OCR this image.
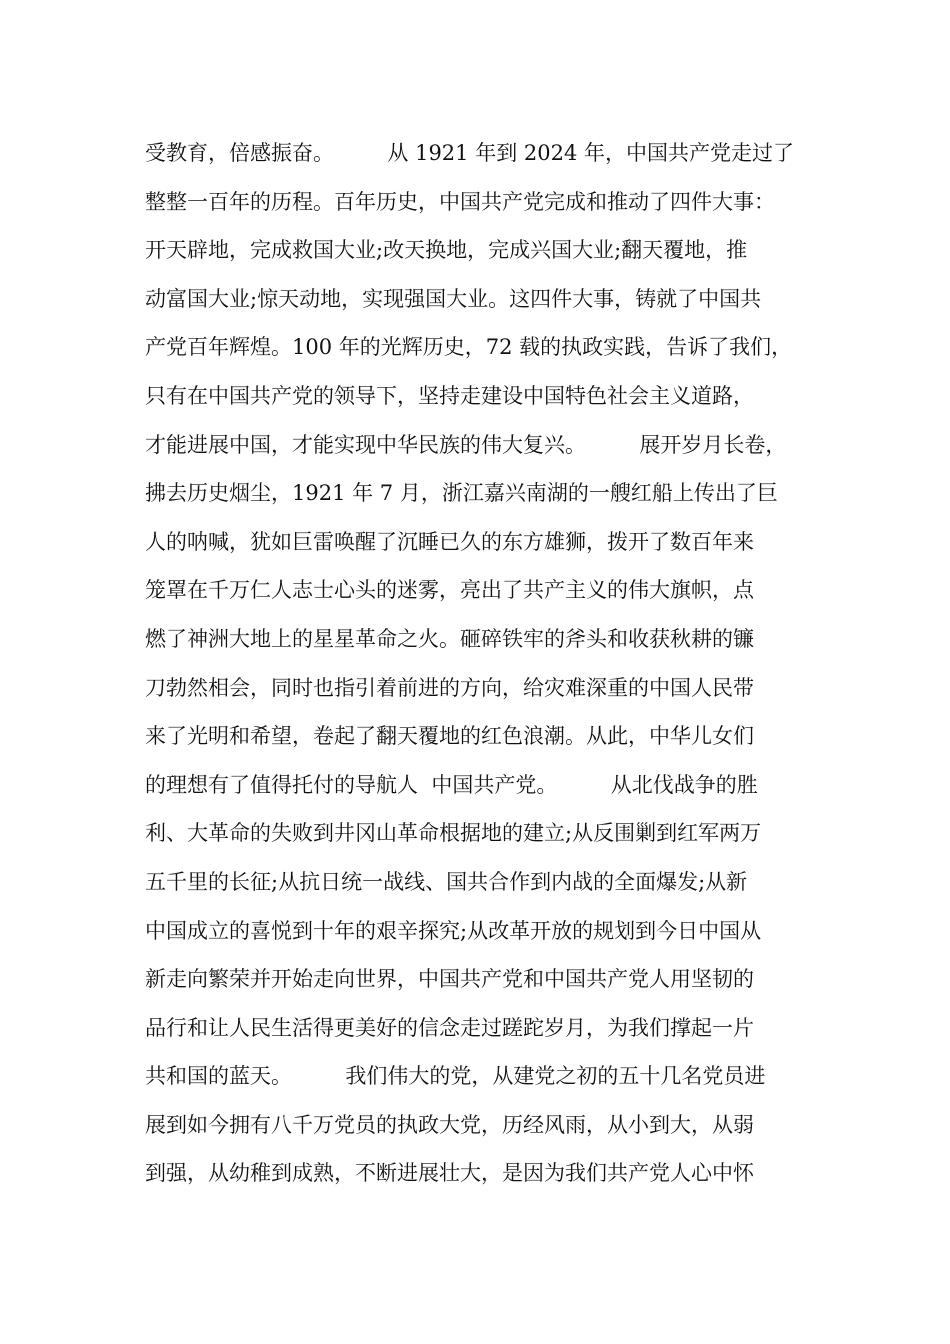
受教育，倍感振奋。        从 1921 年到 2024 年，中国共产党走过了
整整一百年的历程。百年历史，中国共产党完成和推动了四件大事：
开天辟地，完成救国大业;改天换地，完成兴国大业;翻天覆地，推
动富国大业;惊天动地，实现强国大业。这四件大事，铸就了中国共
产党百年辉煌。100 年的光辉历史，72 载的执政实践，告诉了我们，
只有在中国共产党的领导下，坚持走建设中国特色社会主义道路，
才能进展中国，才能实现中华民族的伟大复兴。        展开岁月长卷，
拂去历史烟尘，1921 年 7 月，浙江嘉兴南湖的一艘红船上传出了巨
人的呐喊，犹如巨雷唤醒了沉睡已久的东方雄狮，拨开了数百年来
笼罩在千万仁人志士心头的迷雾，亮出了共产主义的伟大旗帜，点
燃了神洲大地上的星星革命之火。砸碎铁牢的斧头和收获秋耕的镰
刀勃然相会，同时也指引着前进的方向，给灾难深重的中国人民带
来了光明和希望，卷起了翻天覆地的红色浪潮。从此，中华儿女们
的理想有了值得托付的导航人  中国共产党。        从北伐战争的胜
利、大革命的失败到井冈山革命根据地的建立;从反围剿到红军两万
五千里的长征;从抗日统一战线、国共合作到内战的全面爆发;从新
中国成立的喜悦到十年的艰辛探究;从改革开放的规划到今日中国从
新走向繁荣并开始走向世界，中国共产党和中国共产党人用坚韧的
品行和让人民生活得更美好的信念走过蹉跎岁月，为我们撑起一片
共和国的蓝天。        我们伟大的党，从建党之初的五十几名党员进
展到如今拥有八千万党员的执政大党，历经风雨，从小到大，从弱
到强，从幼稚到成熟，不断进展壮大，是因为我们共产党人心中怀
